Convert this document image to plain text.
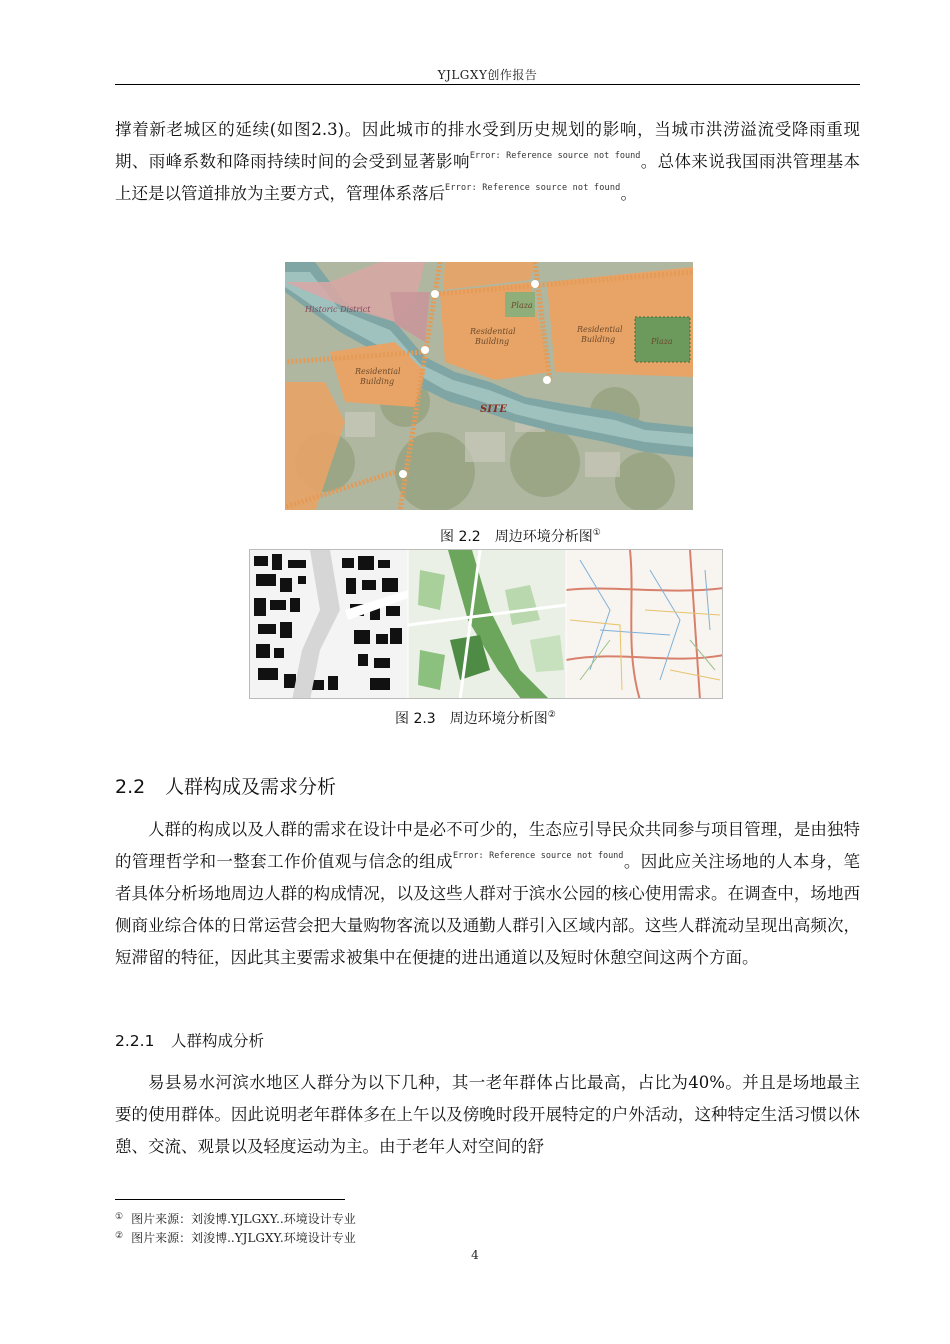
YJLGXY创作报告

撑着新老城区的延续(如图2.3)。因此城市的排水受到历史规划的影响，当城市洪涝溢流受降雨重现期、雨峰系数和降雨持续时间的会受到显著影响$^{Error: Reference source not found}$。总体来说我国雨洪管理基本上还是以管道排放为主要方式，管理体系落后$^{Error: Reference source not found}$。

Plaza
Residential
Building
Residential
Building	Plaza
Residential
Building
SITE
Historic District
图 2.2　周边环境分析图①
图 2.3　周边环境分析图②
2.2 人群构成及需求分析

人群的构成以及人群的需求在设计中是必不可少的，生态应引导民众共同参与项目管理，是由独特的管理哲学和一整套工作价值观与信念的组成$^{Error: Reference source not found}$。因此应关注场地的人本身，笔者具体分析场地周边人群的构成情况，以及这些人群对于滨水公园的核心使用需求。在调查中，场地西侧商业综合体的日常运营会把大量购物客流以及通勤人群引入区域内部。这些人群流动呈现出高频次，短滞留的特征，因此其主要需求被集中在便捷的进出通道以及短时休憩空间这两个方面。

2.2.1 人群构成分析

易县易水河滨水地区人群分为以下几种，其一老年群体占比最高，占比为40%。并且是场地最主要的使用群体。因此说明老年群体多在上午以及傍晚时段开展特定的户外活动，这种特定生活习惯以休憩、交流、观景以及轻度运动为主。由于老年人对空间的舒

① 图片来源：刘浚博.YJLGXY..环境设计专业
② 图片来源：刘浚博..YJLGXY.环境设计专业
4
